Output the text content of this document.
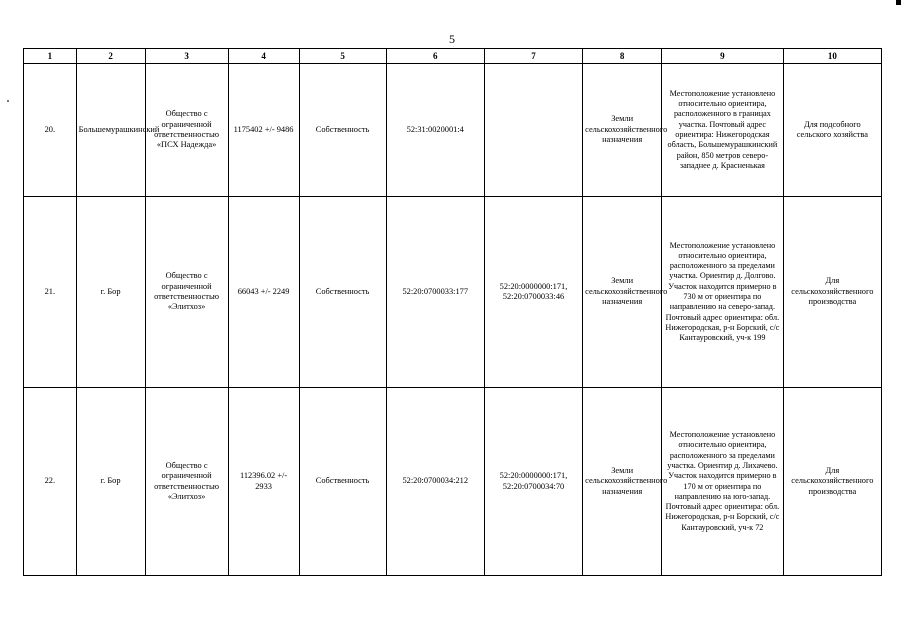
5
1	2	3	4	5	6	7	8	9	10
20.	Большемурашкинский	Общество с ограниченной ответственностью «ПСХ Надежда»	1175402 +/- 9486	Собственность	52:31:0020001:4		Земли сельскохозяйственного назначения	Местоположение установлено относительно ориентира, расположенного в границах участка. Почтовый адрес ориентира: Нижегородская область, Большемурашкинский район, 850 метров северо-западнее д. Красненькая	Для подсобного сельского хозяйства
21.	г. Бор	Общество с ограниченной ответственностью «Элитхоз»	66043 +/- 2249	Собственность	52:20:0700033:177	52:20:0000000:171, 52:20:0700033:46	Земли сельскохозяйственного назначения	Местоположение установлено относительно ориентира, расположенного за пределами участка. Ориентир д. Долгово. Участок находится примерно в 730 м от ориентира по направлению на северо-запад. Почтовый адрес ориентира: обл. Нижегородская, р-н Борский, с/с Кантауровский, уч-к 199	Для сельскохозяйственного производства
22.	г. Бор	Общество с ограниченной ответственностью «Элитхоз»	112396.02 +/- 2933	Собственность	52:20:0700034:212	52:20:0000000:171, 52:20:0700034:70	Земли сельскохозяйственного назначения	Местоположение установлено относительно ориентира, расположенного за пределами участка. Ориентир д. Лихачево. Участок находится примерно в 170 м от ориентира по направлению на юго-запад. Почтовый адрес ориентира: обл. Нижегородская, р-н Борский, с/с Кантауровский, уч-к 72	Для сельскохозяйственного производства
